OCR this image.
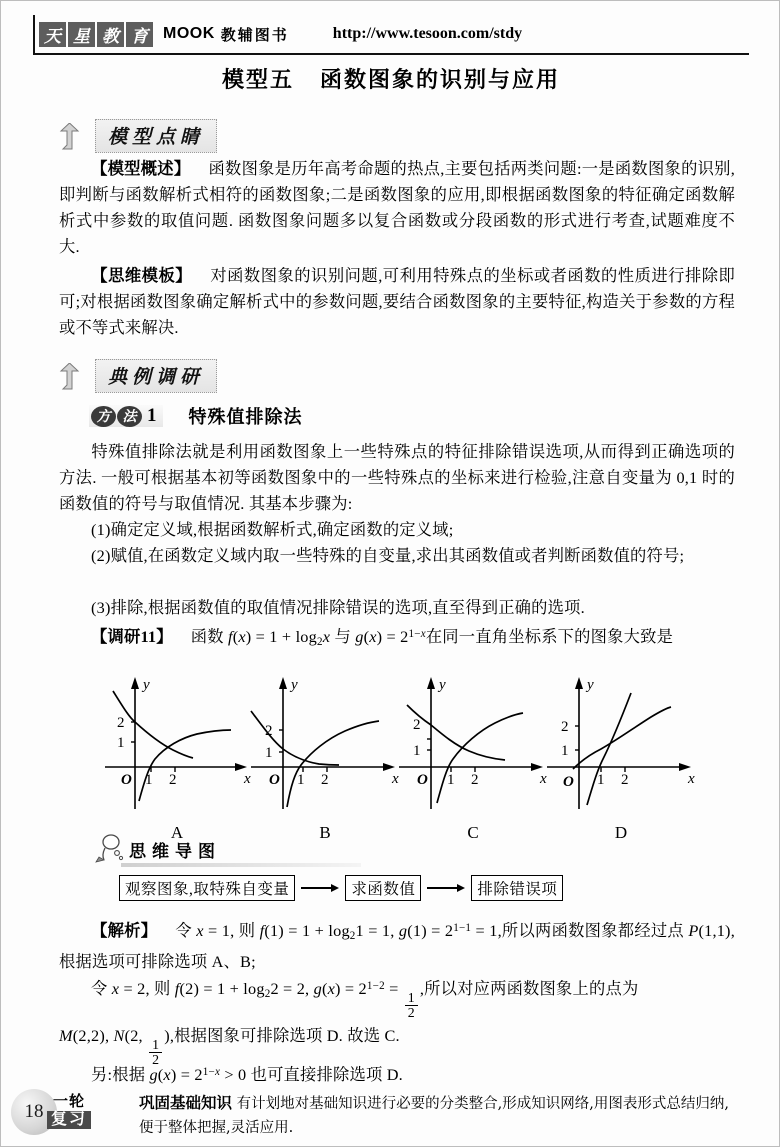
天 星 教 育 MOOK 教辅图书	http://www.tesoon.com/stdy
模型五 函数图象的识别与应用
模型点睛
【模型概述】 函数图象是历年高考命题的热点,主要包括两类问题:一是函数图象的识别,即判断与函数解析式相符的函数图象;二是函数图象的应用,即根据函数图象的特征确定函数解析式中参数的取值问题. 函数图象问题多以复合函数或分段函数的形式进行考查,试题难度不大.
【思维模板】 对函数图象的识别问题,可利用特殊点的坐标或者函数的性质进行排除即可;对根据函数图象确定解析式中的参数问题,要结合函数图象的主要特征,构造关于参数的方程或不等式来解决.
典例调研
方 法 1 特殊值排除法
特殊值排除法就是利用函数图象上一些特殊点的特征排除错误选项,从而得到正确选项的方法. 一般可根据基本初等函数图象中的一些特殊点的坐标来进行检验,注意自变量为 0,1 时的函数值的符号与取值情况. 其基本步骤为:
(1)确定定义域,根据函数解析式,确定函数的定义域;
(2)赋值,在函数定义域内取一些特殊的自变量,求出其函数值或者判断函数值的符号;
(3)排除,根据函数值的取值情况排除错误的选项,直至得到正确的选项.
【调研11】 函数 $f(x) = 1 + \log_2x$ 与 $g(x) = 2^{1-x}$在同一直角坐标系下的图象大致是
y
x
O
1
2
1 2
A
y
x
O
1
2
1 2
B
y
x
O
1
2
1 2
C
y
x
O
1
2
1 2
D
思维导图
观察图象,取特殊自变量	求函数值	排除错误项
【解析】 令 x = 1, 则 $f(1) = 1 + \log_21 = 1$, $g(1) = 2^{1-1} = 1$,所以两函数图象都经过点 P(1,1),根据选项可排除选项 A、B;
令 x = 2, 则 $f(2) = 1 + \log_22 = 2$, $g(x) = 2^{1-2}$ =
$\frac{1}{2}$
,所以对应两函数图象上的点为
M(2,2), N(2,
$\frac{1}{2}$
),根据图象可排除选项 D. 故选 C.
另:根据 $g(x) = 2^{1-x} > 0$ 也可直接排除选项 D.
18 一轮
复习
巩固基础知识 有计划地对基础知识进行必要的分类整合,形成知识网络,用图表形式总结归纳,便于整体把握,灵活应用.
